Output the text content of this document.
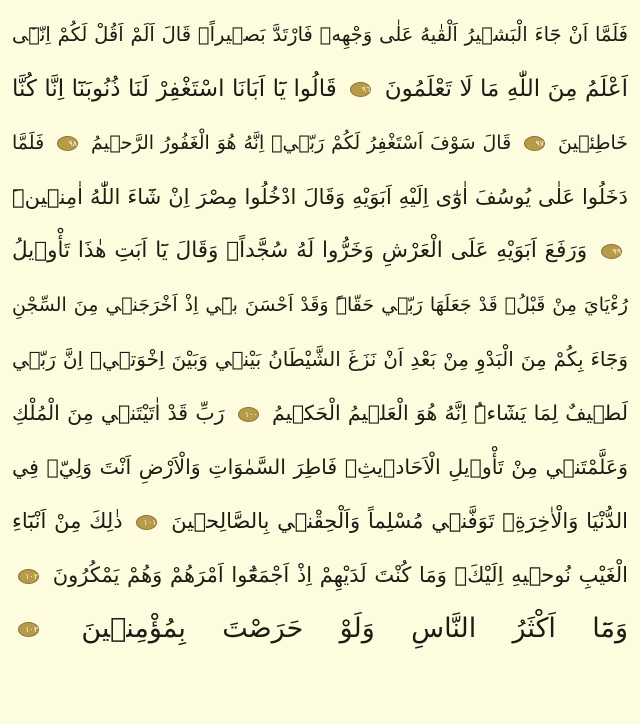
فَلَمَّا اَنْ جَٓاءَ الْبَش۪يرُ اَلْقٰيهُ عَلٰى وَجْهِه۪ فَارْتَدَّ بَص۪يراًۚ قَالَ اَلَمْ اَقُلْ لَكُمْ اِنّ۪ٓى
اَعْلَمُ مِنَ اللّٰهِ مَا لَا تَعْلَمُونَ ٩٦ قَالُوا يَٓا اَبَانَا اسْتَغْفِرْ لَنَا ذُنُوبَنَٓا اِنَّا كُنَّا
خَاطِئ۪ينَ ٩٧ قَالَ سَوْفَ اَسْتَغْفِرُ لَكُمْ رَبّ۪يۜ اِنَّهُ هُوَ الْغَفُورُ الرَّح۪يمُ ٩٨ فَلَمَّا
دَخَلُوا عَلٰى يُوسُفَ اٰوٰٓى اِلَيْهِ اَبَوَيْهِ وَقَالَ ادْخُلُوا مِصْرَ اِنْ شَٓاءَ اللّٰهُ اٰمِن۪ينَۜ
٩٩ وَرَفَعَ اَبَوَيْهِ عَلَى الْعَرْشِ وَخَرُّوا لَهُ سُجَّداًۚ وَقَالَ يَٓا اَبَتِ هٰذَا تَأْو۪يلُ
رُءْيَايَ مِنْ قَبْلُۘ قَدْ جَعَلَهَا رَبّ۪ي حَقّاًۜ وَقَدْ اَحْسَنَ ب۪ٓي اِذْ اَخْرَجَن۪ي مِنَ السِّجْنِ
وَجَٓاءَ بِكُمْ مِنَ الْبَدْوِ مِنْ بَعْدِ اَنْ نَزَغَ الشَّيْطَانُ بَيْن۪ي وَبَيْنَ اِخْوَت۪يۜ اِنَّ رَبّ۪ي
لَط۪يفٌ لِمَا يَشَٓاءُۜ اِنَّهُ هُوَ الْعَل۪يمُ الْحَك۪يمُ ١٠٠ رَبِّ قَدْ اٰتَيْتَن۪ي مِنَ الْمُلْكِ
وَعَلَّمْتَن۪ي مِنْ تَأْو۪يلِ الْاَحَاد۪يثِۚ فَاطِرَ السَّمٰوَاتِ وَالْاَرْضِ اَنْتَ وَلِيّ۪ فِي
الدُّنْيَا وَالْاٰخِرَةِۚ تَوَفَّن۪ي مُسْلِماً وَاَلْحِقْن۪ي بِالصَّالِح۪ينَ ١٠١ ذٰلِكَ مِنْ اَنْبَٓاءِ
الْغَيْبِ نُوح۪يهِ اِلَيْكَۚ وَمَا كُنْتَ لَدَيْهِمْ اِذْ اَجْمَعُٓوا اَمْرَهُمْ وَهُمْ يَمْكُرُونَ ١٠٢
وَمَٓا اَكْثَرُ النَّاسِ وَلَوْ حَرَصْتَ بِمُؤْمِن۪ينَ ١٠٣
